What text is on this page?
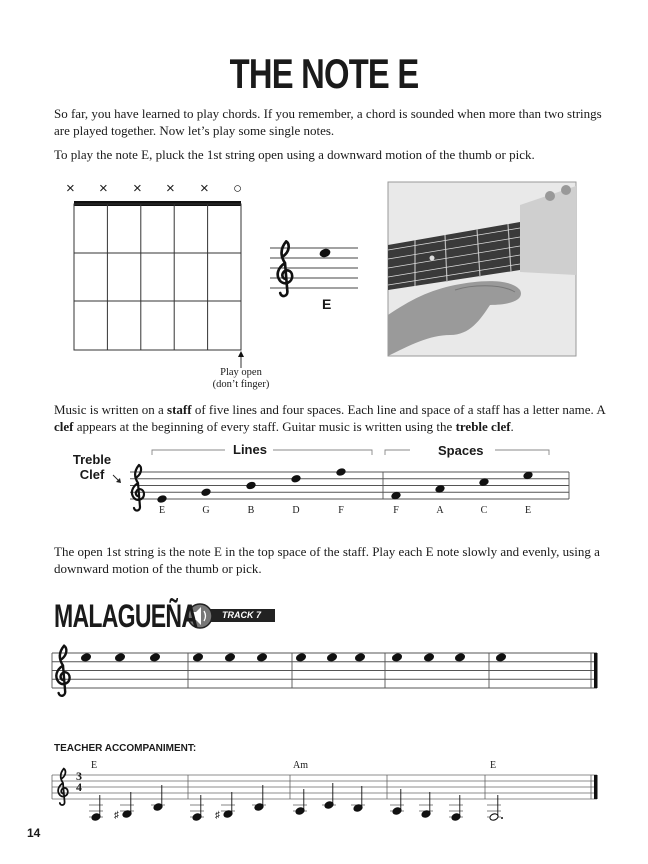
THE NOTE E
So far, you have learned to play chords. If you remember, a chord is sounded when more than two strings are played together. Now let’s play some single notes.
To play the note E, pluck the 1st string open using a downward motion of the thumb or pick.
♯	♯
× × × × × ○
Play open
(don’t finger)
E
Music is written on a staff of five lines and four spaces. Each line and space of a staff has a letter name. A clef appears at the beginning of every staff. Guitar music is written using the treble clef.
Treble
Clef
Lines	Spaces
E	G	B	D	F	F	A	C	E
The open 1st string is the note E in the top space of the staff. Play each E note slowly and evenly, using a downward motion of the thumb or pick.
MALAGUEÑA	TRACK 7
TEACHER ACCOMPANIMENT:
3
4
E	Am	E
14
